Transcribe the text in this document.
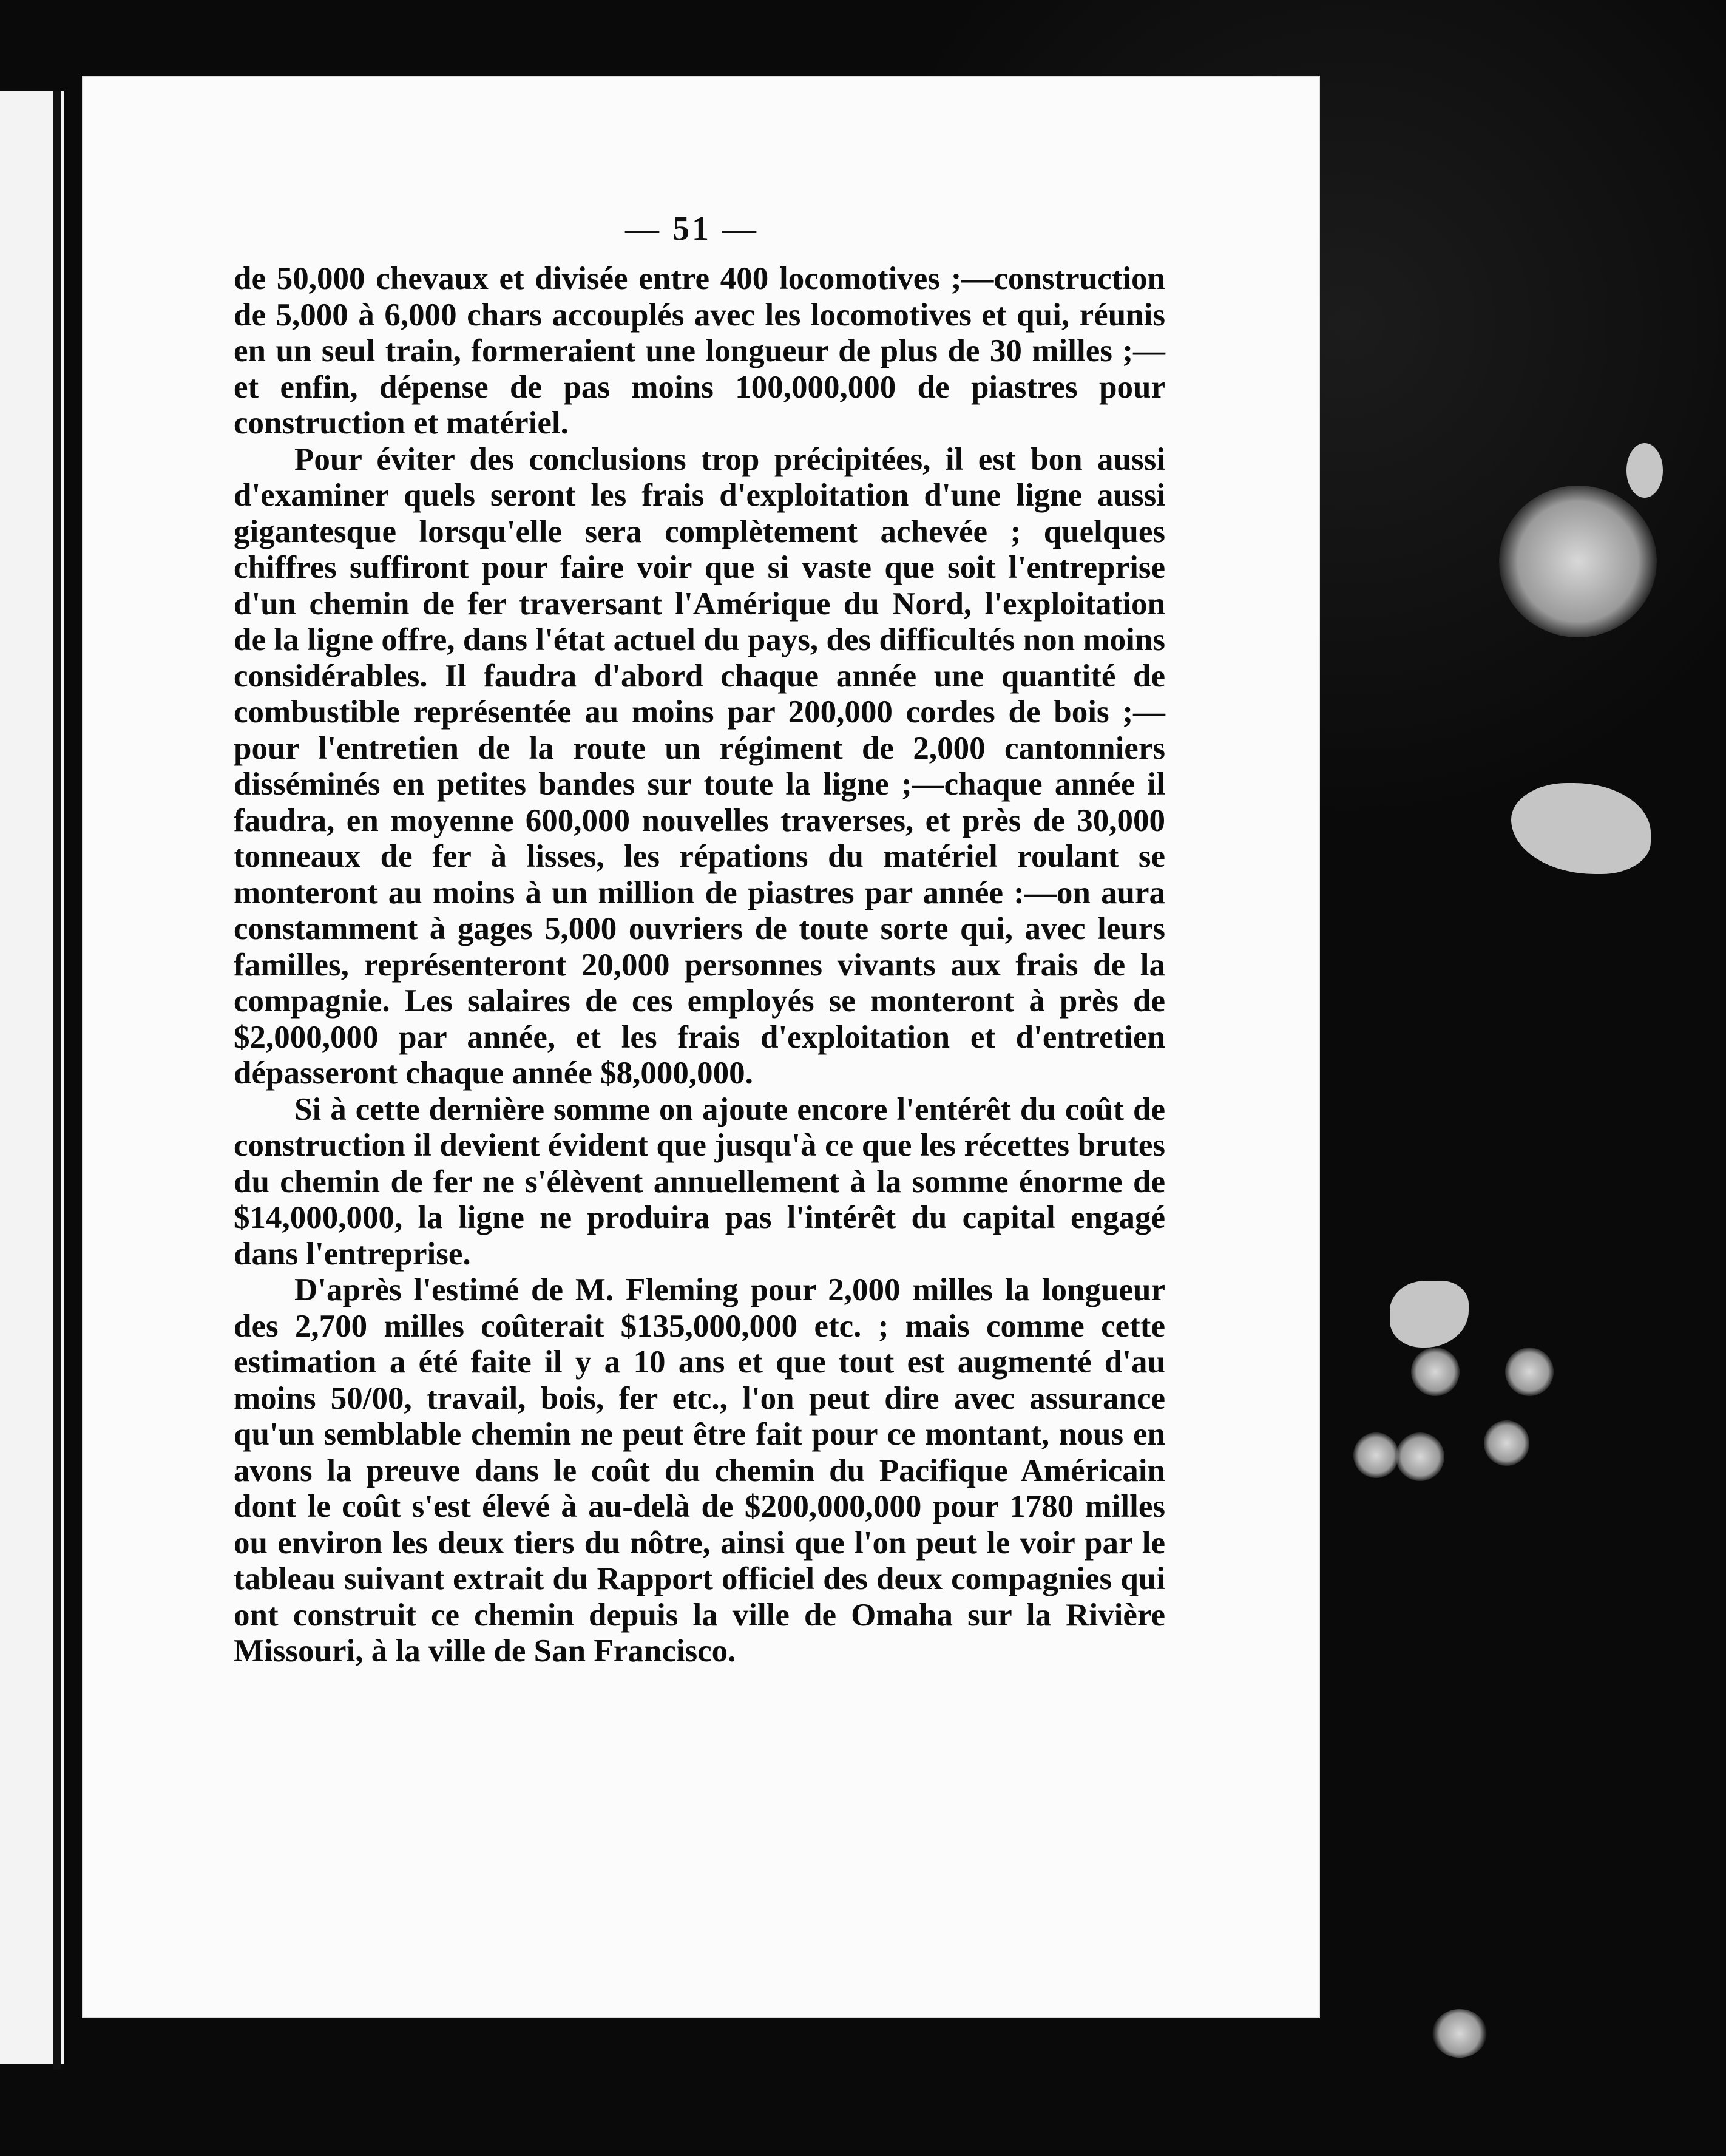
— 51 —

de 50,000 chevaux et divisée entre 400 locomotives ;—construction de 5,000 à 6,000 chars accouplés avec les locomotives et qui, réunis en un seul train, formeraient une longueur de plus de 30 milles ;—et enfin, dépense de pas moins 100,000,000 de piastres pour construction et matériel.

Pour éviter des conclusions trop précipitées, il est bon aussi d'examiner quels seront les frais d'exploitation d'une ligne aussi gigantesque lorsqu'elle sera complètement achevée ; quelques chiffres suffiront pour faire voir que si vaste que soit l'entreprise d'un chemin de fer traversant l'Amérique du Nord, l'exploitation de la ligne offre, dans l'état actuel du pays, des difficultés non moins considérables. Il faudra d'abord chaque année une quantité de combustible représentée au moins par 200,000 cordes de bois ;—pour l'entretien de la route un régiment de 2,000 cantonniers disséminés en petites bandes sur toute la ligne ;—chaque année il faudra, en moyenne 600,000 nouvelles traverses, et près de 30,000 tonneaux de fer à lisses, les répations du matériel roulant se monteront au moins à un million de piastres par année :—on aura constamment à gages 5,000 ouvriers de toute sorte qui, avec leurs familles, représenteront 20,000 personnes vivants aux frais de la compagnie. Les salaires de ces employés se monteront à près de $2,000,000 par année, et les frais d'exploitation et d'entretien dépasseront chaque année $8,000,000.

Si à cette dernière somme on ajoute encore l'entérêt du coût de construction il devient évident que jusqu'à ce que les récettes brutes du chemin de fer ne s'élèvent annuellement à la somme énorme de $14,000,000, la ligne ne produira pas l'intérêt du capital engagé dans l'entreprise.

D'après l'estimé de M. Fleming pour 2,000 milles la longueur des 2,700 milles coûterait $135,000,000 etc. ; mais comme cette estimation a été faite il y a 10 ans et que tout est augmenté d'au moins 50/00, travail, bois, fer etc., l'on peut dire avec assurance qu'un semblable chemin ne peut être fait pour ce montant, nous en avons la preuve dans le coût du chemin du Pacifique Américain dont le coût s'est élevé à au-delà de $200,000,000 pour 1780 milles ou environ les deux tiers du nôtre, ainsi que l'on peut le voir par le tableau suivant extrait du Rapport officiel des deux compagnies qui ont construit ce chemin depuis la ville de Omaha sur la Rivière Missouri, à la ville de San Francisco.
